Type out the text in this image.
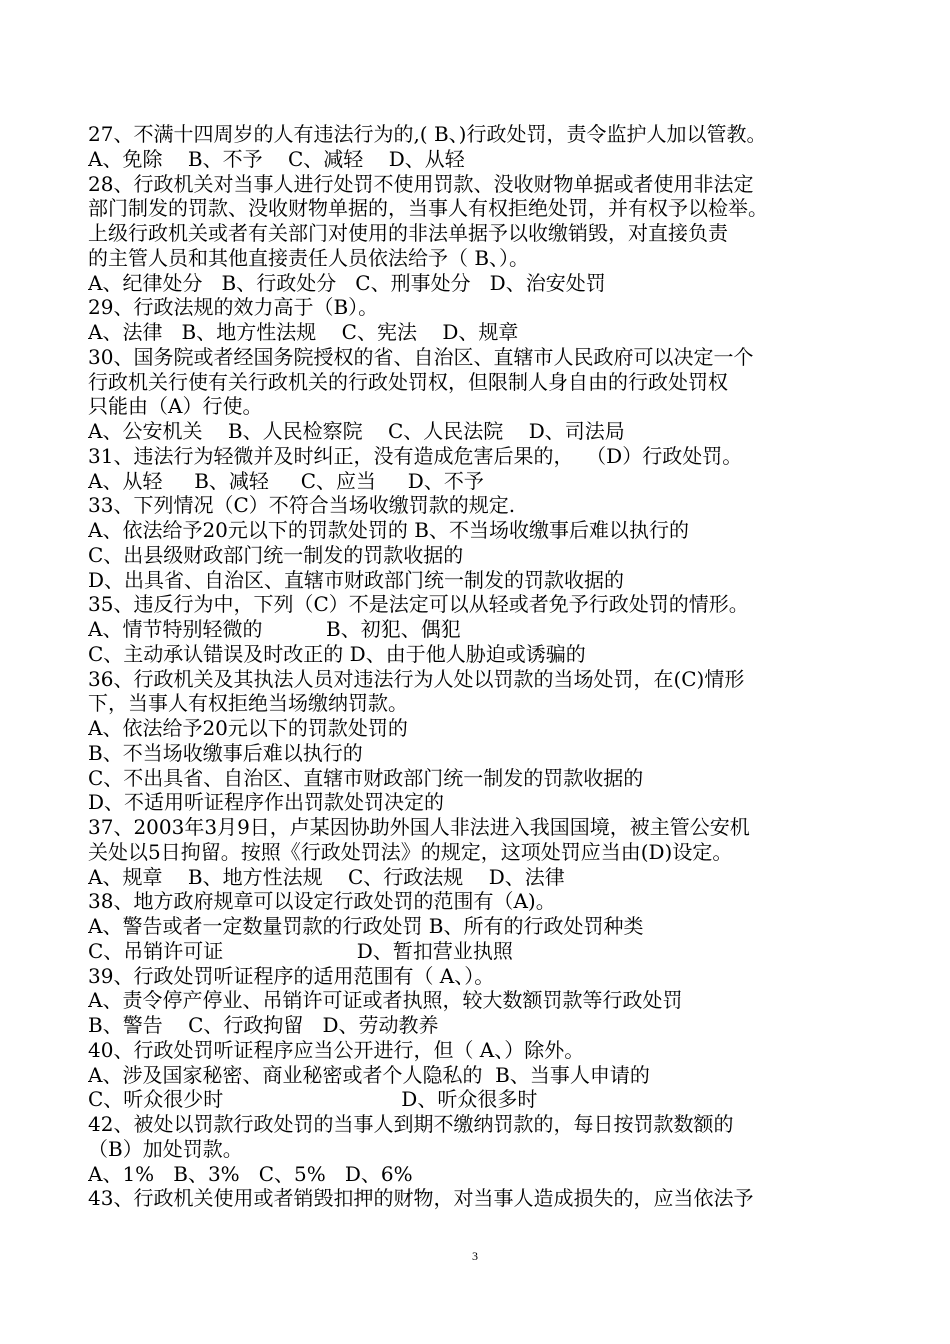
27、不满十四周岁的人有违法行为的,( B、)行政处罚，责令监护人加以管教。
A、免除    B、不予    C、减轻    D、从轻
28、行政机关对当事人进行处罚不使用罚款、没收财物单据或者使用非法定
部门制发的罚款、没收财物单据的，当事人有权拒绝处罚，并有权予以检举。
上级行政机关或者有关部门对使用的非法单据予以收缴销毁，对直接负责
的主管人员和其他直接责任人员依法给予（ B、）。
A、纪律处分   B、行政处分   C、刑事处分   D、治安处罚
29、行政法规的效力高于（B）。
A、法律   B、地方性法规    C、宪法    D、规章
30、国务院或者经国务院授权的省、自治区、直辖市人民政府可以决定一个
行政机关行使有关行政机关的行政处罚权，但限制人身自由的行政处罚权
只能由（A）行使。
A、公安机关    B、人民检察院    C、人民法院    D、司法局
31、违法行为轻微并及时纠正，没有造成危害后果的，  （D）行政处罚。
A、从轻     B、减轻     C、应当     D、不予
33、下列情况（C）不符合当场收缴罚款的规定.
A、依法给予20元以下的罚款处罚的 B、不当场收缴事后难以执行的
C、出县级财政部门统一制发的罚款收据的
D、出具省、自治区、直辖市财政部门统一制发的罚款收据的
35、违反行为中，下列（C）不是法定可以从轻或者免予行政处罚的情形。
A、情节特别轻微的          B、初犯、偶犯
C、主动承认错误及时改正的 D、由于他人胁迫或诱骗的
36、行政机关及其执法人员对违法行为人处以罚款的当场处罚，在(C)情形
下，当事人有权拒绝当场缴纳罚款。
A、依法给予20元以下的罚款处罚的
B、不当场收缴事后难以执行的
C、不出具省、自治区、直辖市财政部门统一制发的罚款收据的
D、不适用听证程序作出罚款处罚决定的
37、2003年3月9日，卢某因协助外国人非法进入我国国境，被主管公安机
关处以5日拘留。按照《行政处罚法》的规定，这项处罚应当由(D)设定。
A、规章    B、地方性法规    C、行政法规    D、法律
38、地方政府规章可以设定行政处罚的范围有（A)。
A、警告或者一定数量罚款的行政处罚 B、所有的行政处罚种类
C、吊销许可证                     D、暂扣营业执照
39、行政处罚听证程序的适用范围有（ A、）。
A、责令停产停业、吊销许可证或者执照，较大数额罚款等行政处罚
B、警告    C、行政拘留   D、劳动教养
40、行政处罚听证程序应当公开进行，但（ A、）除外。
A、涉及国家秘密、商业秘密或者个人隐私的  B、当事人申请的
C、听众很少时                            D、听众很多时
42、被处以罚款行政处罚的当事人到期不缴纳罚款的，每日按罚款数额的
（B）加处罚款。
A、1%   B、3%   C、5%   D、6%
43、行政机关使用或者销毁扣押的财物，对当事人造成损失的，应当依法予
3
